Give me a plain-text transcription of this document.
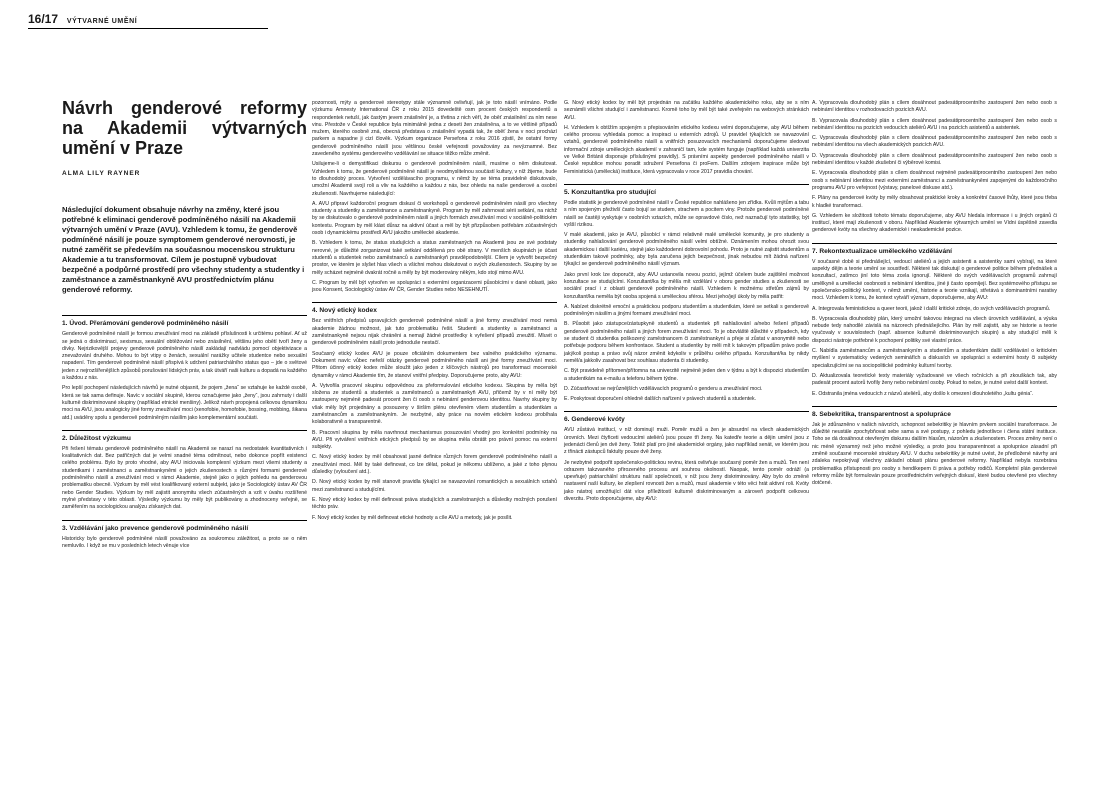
16/17 VÝTVARNÉ UMĚNÍ
Návrh genderové reformy na Akademii výtvarných umění v Praze
ALMA LILY RAYNER
Následující dokument obsahuje návrhy na změny, které jsou potřebné k eliminaci genderově podmíněného násilí na Akademii výtvarných umění v Praze (AVU). Vzhledem k tomu, že genderově podmíněné násilí je pouze symptomem genderové nerovnosti, je nutné zaměřit se především na současnou mocenskou strukturu Akademie a tu transformovat. Cílem je postupně vybudovat bezpečné a podpůrné prostředí pro všechny studenty a studentky i zaměstnance a zaměstnankyně AVU prostřednictvím plánu genderové reformy.
1. Úvod. Přerámování genderově podmíněného násilí

Genderově podmíněné násilí je formou zneužívání moci na základě příslušnosti k určitému pohlaví. Ať už se jedná o diskriminaci, sexismus, sexuální obtěžování nebo znásilnění, většinu jeho obětí tvoří ženy a dívky. Nejrizikovější projevy genderově podmíněného násilí zakládají nadvládu pomocí objektivizace a znevažování druhého. Mohou to být vtipy o ženách, sexuální narážky učitele studentce nebo sexuální napadení. Tím genderově podmíněné násilí přispívá k udržení patriarchálního status quo – jde o světové jeden z nejrozšířenějších způsobů porušování lidských práv, a tak útváří naši kulturu a dopadá na každého a každou z nás.

Pro lepší pochopení následujících návrhů je nutné objasnit, že pojem „žena“ se vztahuje ke každé osobě, která se tak sama definuje. Navíc v sociální skupině, kterou označujeme jako „ženy“, jsou zahrnuty i další kulturně diskriminované skupiny (například etnické menšiny). Jelikož návrh propojená celkovou dynamikou moci na AVU, jsou analogicky jiné formy zneužívání moci (xenofobie, homofobie, bossing, mobbing, šikana atd.) uváděny spolu s genderově podmíněným násilím jako komplementární součásti.

2. Důležitost výzkumu

Při řešení tématu genderově podmíněného násilí na Akademii se narazí na nedostatek kvantitativních i kvalitativních dat. Bez patřičných dat je velmi snadné téma odmítnout, nebo dokonce popřít existenci celého problému. Bylo by proto vhodné, aby AVU iniciovala komplexní výzkum mezi všemi studenty a studentkami i zaměstnanci a zaměstnankyněmi o jejich zkušenostech s různými formami genderově podmíněného násilí a zneužívání moci v rámci Akademie, stejně jako o jejich pohledu na genderovou problematiku obecně. Výzkum by měl vést kvalifikovaný externí subjekt, jako je Sociologický ústav AV ČR nebo Gender Studies. Výzkum by měl zajistit anonymitu všech zúčastněných a vzít v úvahu rozšířené mylné představy v této oblasti. Výsledky výzkumu by měly být publikovány a zhodnoceny veřejně, se zaměřením na sociologickou analýzu získaných dat.

3. Vzdělávání jako prevence genderově podmíněného násilí

Historicky bylo genderově podmíněné násilí považováno za soukromou záležitost, a proto se o něm nemluvilo. I když se mu v posledních letech věnuje více

pozornosti, mýty a genderové stereotypy stále významně ovlivňují, jak je toto násilí vnímáno. Podle výzkumu Amnesty International ČR z roku 2015 dovedeště osm procent českých respondentů a respondentek netuší, jak častým jevem znásilnění je, a třetina z nich věří, že oběť znásilnění za ním nese vinu. Přestože v České republice byla minimálně jedna z deseti žen znásilněna, a to ve většině případů mužem, kterého osobně zná, obecná představa o znásilnění vypadá tak, že oběť žena v noci prochází parkem a napadne ji cizí člověk. Výzkum organizace Persefona z roku 2016 zjistil, že ostatní formy genderově podmíněného násilí jsou většinou české veřejnosti považovány za nevýznamné. Bez zavedeného systému genderového vzdělávání se situace těžko může změnit.

Usilujeme-li o demystifikaci diskursu o genderově podmíněném násilí, musíme o něm diskutovat. Vzhledem k tomu, že genderově podmíněné násilí je neodmyslitelnou součástí kultury, v níž žijeme, bude to dlouhodobý proces. Vytvoření vzdělávacího programu, v němž by se téma pravidelně diskutovalo, umožní Akademii svojí roli a vliv na každého a každou z nás, bez ohledu na naše genderové a osobní zkušenosti. Navrhujeme následující:

A. AVU připraví každoroční program diskusí či workshopů o genderově podmíněném násilí pro všechny studenty a studentky a zaměstnance a zaměstnankyně. Program by měl zahrnovat sérii setkání, na nichž by se diskutovalo o genderově podmíněném násilí a jiných formách zneužívání moci v sociálně-politickém kontextu. Program by měl klást důraz na aktivní účast a měl by být přizpůsoben potřebám zúčastněných osob i dynamickému prostředí AVU jakožto umělecké akademie.

B. Vzhledem k tomu, že status studujících a status zaměstnaných na Akademii jsou ze své podstaty nerovné, je důležité zorganizovat také setkání oddělená pro obě strany. V menších skupinách je účast studentů a studentek nebo zaměstnanců a zaměstnankyň pravděpodobnější. Cílem je vytvořit bezpečný prostor, ve kterém je slyšet hlas všech a všichni mohou diskutovat o svých zkušenostech. Skupiny by se měly scházet nejméně dvakrát ročně a měly by být moderovány někým, kdo stojí mimo AVU.

C. Program by měl být vytvořen ve spolupráci s externími organizacemi působícími v dané oblasti, jako jsou Konsent, Sociologický ústav AV ČR, Gender Studies nebo NESEHNUTÍ.

4. Nový etický kodex

Bez vnitřních předpisů upravujících genderově podmíněné násilí a jiné formy zneužívání moci nemá akademie žádnou možnost, jak tuto problematiku řešit. Studenti a studentky a zaměstnanci a zaměstnankyně nejsou nijak chráněni a nemají žádné prostředky k vyřešení případů zneužití. Mluvit o genderově podmíněném násilí proto jednoduše nestačí.

Současný etický kodex AVU je pouze oficiálním dokumentem bez valného praktického významu. Dokument navíc vůbec neřeší otázky genderově podmíněného násilí ani jiné formy zneužívání moci. Přitom účinný etický kodex může sloužit jako jeden z klíčových nástrojů pro transformaci mocenské dynamiky v rámci Akademie tím, že stanoví vnitřní předpisy. Doporučujeme proto, aby AVU:

A. Vytvořila pracovní skupinu odpovědnou za přeformulování etického kodexu. Skupina by měla být složena ze studentů a studentek a zaměstnanců a zaměstnankyň AVU, přičemž by v ní měly být zastoupeny nejméně padesát procent žen či osob s nebinární genderovou identitou. Navrhy skupiny by však měly být projednány a posouzeny v širším plénu otevřeném všem studentům a studentkám a zaměstnancům a zaměstnankyním. Je nezbytné, aby práce na novém etickém kodexu probíhala kolaborativně a transparentně.

B. Pracovní skupina by měla navrhnout mechanismus posuzování vhodný pro konkrétní podmínky na AVU. Při vytváření vnitřních etických předpisů by se skupina měla obrátit pro právní pomoc na externí subjekty.

C. Nový etický kodex by měl obsahovat jasné definice různých forem genderově podmíněného násilí a zneužívání moci. Měl by také definovat, co lze dělat, pokud je někomu ublíženo, a jaké z toho plynou důsledky (vyloučení atd.).

D. Nový etický kodex by měl stanovit pravidla týkající se navazování romantických a sexuálních vztahů mezi zaměstnanci a studujícími.

E. Nový etický kodex by měl definovat práva studujících a zaměstnaných a důsledky možných porušení těchto práv.

F. Nový etický kodex by měl definovat etické hodnoty a cíle AVU a metody, jak je posílit.

G. Nový etický kodex by měl být projednán na začátku každého akademického roku, aby se s ním seznámili všichni studující i zaměstnanci. Kromě toho by měl být také zveřejněn na webových stránkách AVU.

H. Vzhledem k obtížím spojeným s přepisováním etického kodexu velmi doporučujeme, aby AVU během celého procesu vyhledala pomoc a inspiraci u externích zdrojů. U pravidel týkajících se navazování vztahů, genderově podmíněného násilí a vnitřních posuzovacích mechanismů doporučujeme sledovat informační zdroje uměleckých akademií v zahraničí tam, kde systém funguje (například každá univerzita ve Velké Británii disponuje příslušnými pravidly). S právními aspekty genderově podmíněného násilí v České republice mohou poradit sdružení Persefona či proFem. Dalším zdrojem inspirace může být Feministická (umělecká) instituce, která vypracovala v roce 2017 pravidla chování.

5. Konzultant/ka pro studující

Podle statistik je genderově podmíněné násilí v České republice nahlášeno jen zřídka. Kvůli mýtům a tabu s ním spojeným přeživší často bojují se studem, strachem a pocitem viny. Protože genderově podmíněné násilí se častěji vyskytuje v osobních vztazích, může se opravdové číslo, než naznačují tyto statistiky, být vyšší rizikou.

V malé akademii, jako je AVU, působící v rámci relativně malé umělecké komunity, je pro studenty a studentky nahlašování genderově podmíněného násilí velmi obtížné. Oznámením mohou ohrozit svou akademickou i další kariéru, stejně jako každodenní dobrovolní pohodu. Proto je nutné zajistit studentům a studentkám takové podmínky, aby byla zaručena jejich bezpečnost, jinak nebudou mít žádná nařízení týkající se genderově podmíněného násilí význam.

Jako první krok lze doporučit, aby AVU ustanovila novou pozici, jejímž účelem bude zajištění možnost konzultace se studujícími. Konzultant/ka by měl/a mít vzdělání v oboru gender studies a zkušenosti se sociální prací i z oblasti genderově podmíněného násilí. Vzhledem k možnému střetům zájmů by konzultant/ka neměla být osoba spojená s uměleckou sférou. Mezi jeho/její úkoly by měla patřit:

A. Nabízet diskrétně emoční a praktickou podporu studentům a studentkám, které se setkali s genderově podmíněným násilím a jinými formami zneužívání moci.

B. Působit jako zástupce/zástupkyně studentů a studentek při nahlašování a/nebo řešení případů genderově podmíněného násilí a jiných forem zneužívání moci. To je obzvláště důležité v případech, kdy se student či studentka poškozený zaměstnancem či zaměstnankyní a přeje si zůstat v anonymitě nebo potřebuje podporu během konfrontace. Student a studentky by měli mít k takovým případům právo podle jakýkoli postup a právo svůj názor změnit kdykoliv v průběhu celého případu. Konzultant/ka by nikdy neměl/a jakkoliv zasahovat bez souhlasu studenta či studentky.

C. Být pravidelně přítomen/přítomna na univerzitě nejméně jeden den v týdnu a být k dispozici studentům a studentkám na e-mailu a telefonu během týdne.

D. Zúčastňovat se nejrůznějších vzdělávacích programů o genderu a zneužívání moci.

E. Poskytovat doporučení ohledně dalších nařízení v právech studentů a studentek.

6. Genderové kvóty

AVU zůstává institucí, v níž dominují muži. Poměr mužů a žen je absurdní na všech akademických úrovních. Mezi čtyřiceti vedoucími ateliérů jsou pouze tři ženy. Na katedře teorie a dějin umění jsou z jedenácti členů jen dvě ženy. Totéž platí pro jiné akademické orgány, jako například senát, ve kterém jsou z třinácti zástupců faktulty pouze dvě ženy.

Je nezbytné podpořit společensko-politickou revinu, která ovlivňuje současný poměr žen a mužů. Ten není odrazem takzvaného přirozeného procesu ani souhrou okolností. Naopak, tento poměr odráží (a upevňuje) patriarchální strukturu naší společnosti, v níž jsou ženy diskriminovány. Aby bylo do změně nastavení naší kultury, ke zlepšení rovnosti žen a mužů, musí akademie v této věci hrát aktivní roli. Kvóty jako nástroj umožňující dát více příležitostí kulturně diskriminovaným a zároveň podpořit celkovou diverzitu. Proto doporučujeme, aby AVU:

A. Vypracovala dlouhodobý plán s cílem dosáhnout padesátiprocentního zastoupení žen nebo osob s nebinární identitou v rozhodovacích pozicích AVU.

B. Vypracovala dlouhodobý plán s cílem dosáhnout padesátiprocentního zastoupení žen nebo osob s nebinární identitou na pozicích vedoucích ateliérů AVU i na pozicích asistentů a asistentek.

C. Vypracovala dlouhodobý plán s cílem dosáhnout padesátiprocentního zastoupení žen nebo osob s nebinární identitou na všech akademických pozicích AVU.

D. Vypracovala dlouhodobý plán s cílem dosáhnout padesátiprocentního zastoupení žen nebo osob s nebinární identitou v každé zkušební či výběrové komisi.

E. Vypracovala dlouhodobý plán s cílem dosáhnout nejméně padesátiprocentního zastoupení žen nebo osob s nebinární identitou mezi externími zaměstnanci a zaměstnankyněmi zapojenými do každoročního programu AVU pro veřejnost (výstavy, panelové diskuse atd.).

F. Plány na genderové kvóty by měly obsahovat praktické kroky a konkrétní časové lhůty, které jsou třeba k hladké transformaci.

G. Vzhledem ke složitosti tohoto tématu doporučujeme, aby AVU hledala informace i u jiných orgánů či institucí, které mají zkušenosti v oboru. Například Akademie výtvarných umění ve Vídni úspěšně zavedla genderové kvóty na všechny akademické i neakademické pozice.

7. Rekontextualizace uměleckého vzdělávání

V současné době si přednášející, vedoucí ateliérů a jejich asistenti a asistentky sami vybírají, na které aspekty dějin a teorie umění se soustředí. Některé tak diskutují o genderové politice během přednášek a konzultací, zatímco jiní toto téma zcela ignorují. Některé do svých vzdělávacích programů zahrnují umělkyně a umělecké osobnosti s nebinární identitou, jiné ji často opomíjejí. Bez systémového přístupu se společensko-politický kontext, v němž umění, historie a teorie vznikají, střetává s dominantními narativy moci. Vzhledem k tomu, že kontext vytváří význam, doporučujeme, aby AVU:

A. Integrovala feministickou a queer teorii, jakož i další kritické zdroje, do svých vzdělávacích programů.

B. Vypracovala dlouhodobý plán, který umožní takovou integraci na všech úrovních vzdělávání, a výuka nebude tedy nahodilé závislá na názorech přednášejícího. Plán by měl zajistit, aby se historie a teorie vyučovaly v souvislostech (např. absence kulturně diskriminovaných skupin) a aby studující měli k dispozici nástroje potřebné k pochopení politiky své vlastní práce.

C. Nabídla zaměstnancům a zaměstnankyním a studentům a studentkám další vzdělávání o kritickém myšlení v systematicky vedených seminářích a diskusích ve spolupráci s externími hosty či subjekty specializujícími se na sociopolitické podmínky kulturní tvorby.

D. Aktualizovala teoretické texty materiály vyžadované ve všech ročnících a při zkouškách tak, aby padesát procent autorů tvořily ženy nebo nebinární osoby. Pokud to nelze, je nutné uvést další kontext.

E. Odstranila jména vedoucích z názvů ateliérů, aby došlo k omezení dlouholetého „kultu génia“.

8. Sebekritika, transparentnost a spolupráce

Jak je zdůrazněno v našich návrzích, schopnost sebekritiky je hlavním prvkem sociální transformace. Je důležité neustále zpochybňovat sebe sama a své postupy, z pohledu jednotlivce i člena státní instituce. Toho se dá dosáhnout otevřeným diskursu dalším hlasům, názorům a zkušenostem. Proces změny není o nic méně významný než jeho možné výsledky, a proto jsou transparentnost a spolupráce zásadní při změně současné mocenské struktury AVU. V duchu sebekritiky je nutné uvést, že předložené návrhy ani zdaleka nepokrývají všechny základní oblasti plánu genderové reformy. Například nebyla rozebrána problematika přístupnosti pro osoby s hendikepem či práva a potřeby rodičů. Kompletní plán genderové reformy může být formulován pouze prostřednictvím veřejných diskusí, které budou otevřené pro všechny dotčené.
